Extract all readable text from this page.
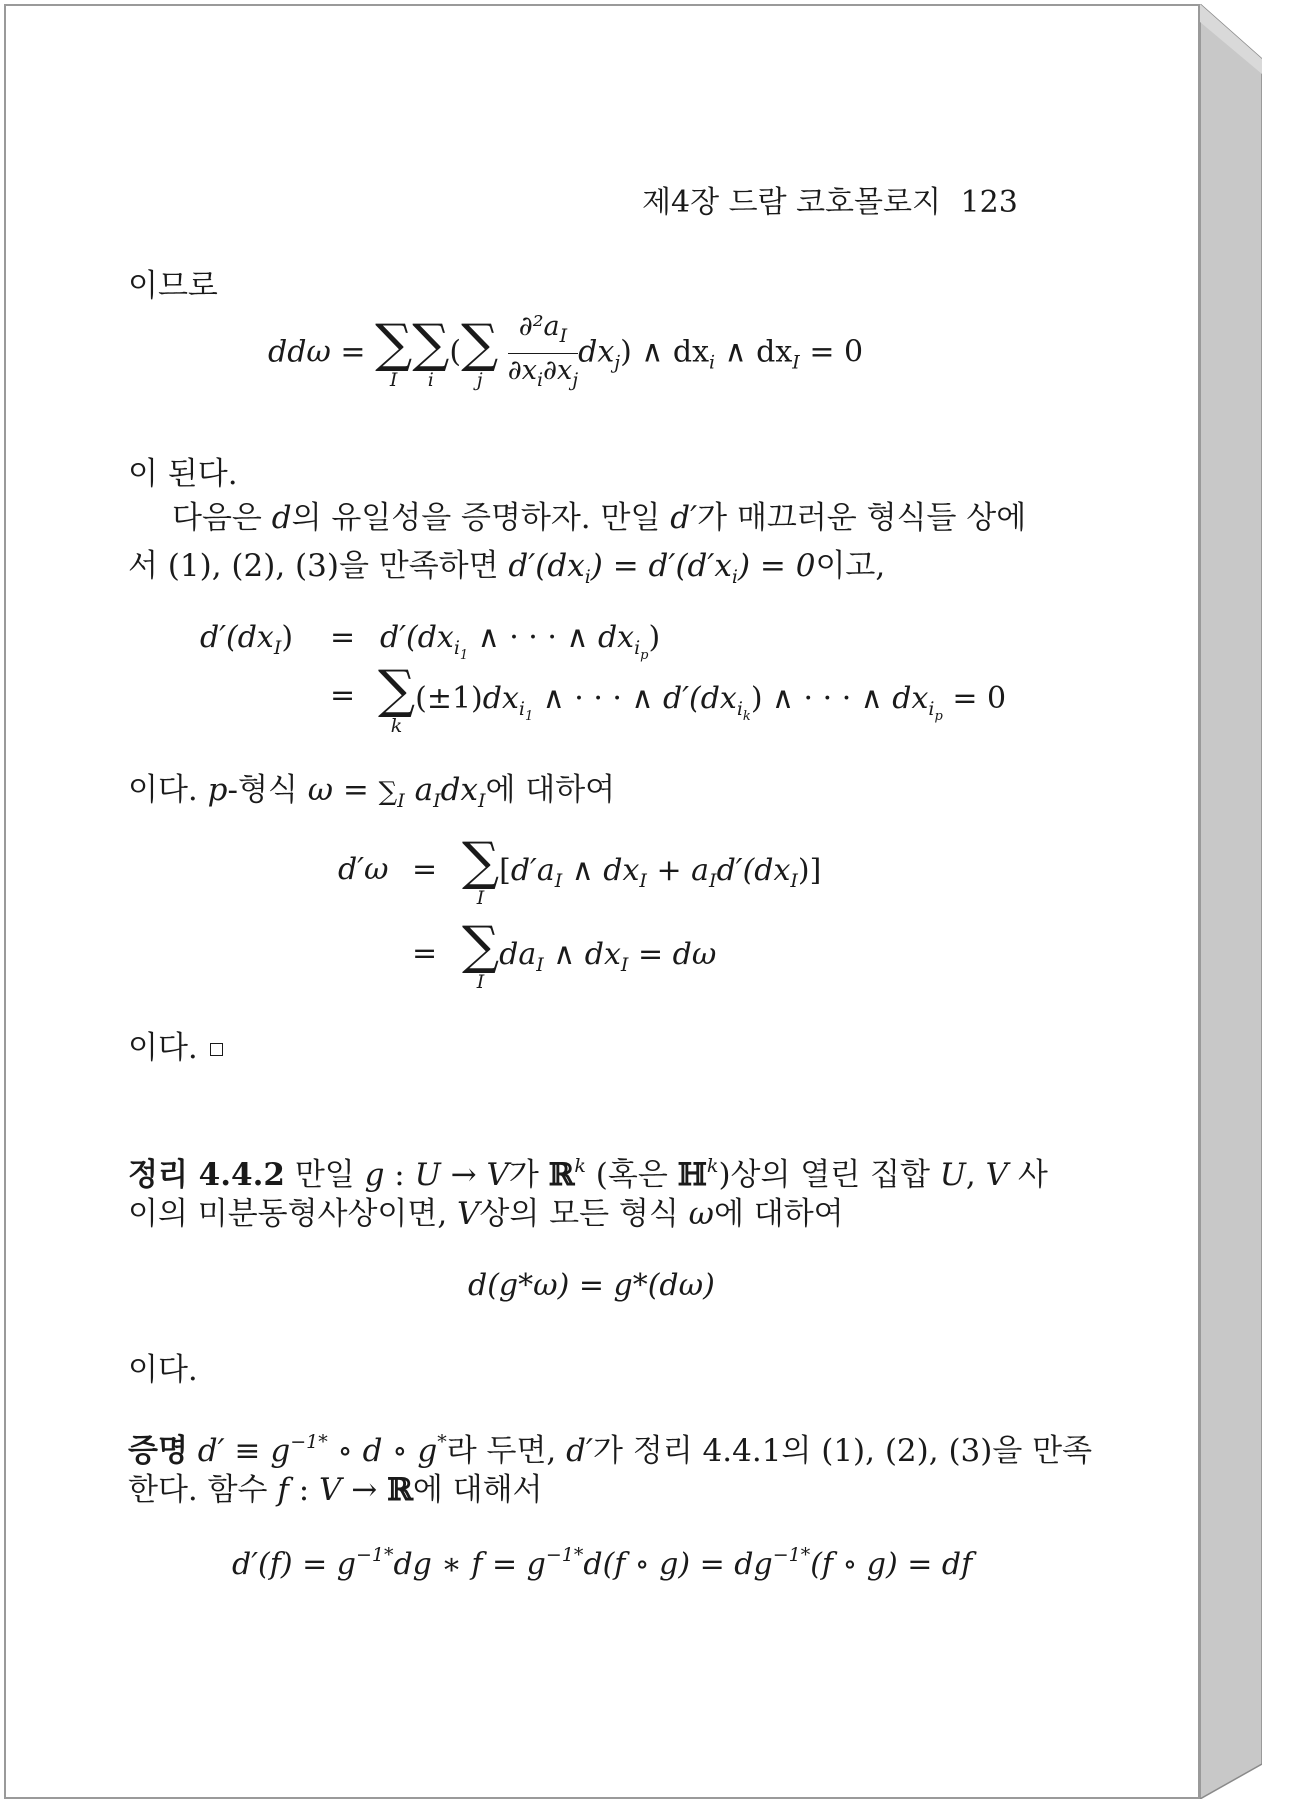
제4장 드람 코호몰로지 123
이므로
ddω = ∑
I
∑
i
( ∑
j
$\frac{\partial^2a_I}{\partial x_i\partial x_j} dx_j$) ∧ $dx_i$ ∧ $dx_I = 0$
이 된다.
다음은 d의 유일성을 증명하자. 만일 d′가 매끄러운 형식들 상에
서 (1), (2), (3)을 만족하면 $d'(dx_i) = d'(d'x_i) = 0$이고,
$d'(dx_I) = d'(dx_{i_1}$ ∧ · · · ∧ $dx_{i_p}$)
= ∑
k
$(\pm 1)dx_{i_1}$ ∧ · · · ∧ $d'(dx_{i_k})$ ∧ · · · ∧ $dx_{i_p} = 0$
이다. p-형식 $\omega = \sum_I$ $a_Idx_I$에 대하여
d′ω = ∑
I
[$d'a_I$ ∧ $dx_I + a_Id'(dx_I)$]
= ∑
I
$da_I$ ∧ $dx_I = d\omega$
이다.
정리 4.4.2 만일 g : U → V가 ℝ$^k$ (혹은 ℍ$^k$)상의 열린 집합 U, V 사
이의 미분동형사상이면, V상의 모든 형식 ω에 대하여
d(g*ω) = g*(dω)
이다.
증명 $d' \equiv g^{-1*}$ ∘ d ∘ g*라 두면, d′가 정리 4.4.1의 (1), (2), (3)을 만족
한다. 함수 f : V → ℝ에 대해서
$d'(f) = g^{-1*}dg$ ∗ $f = g^{-1*}d(f$ ∘ $g) = dg^{-1*}(f$ ∘ g) = df
